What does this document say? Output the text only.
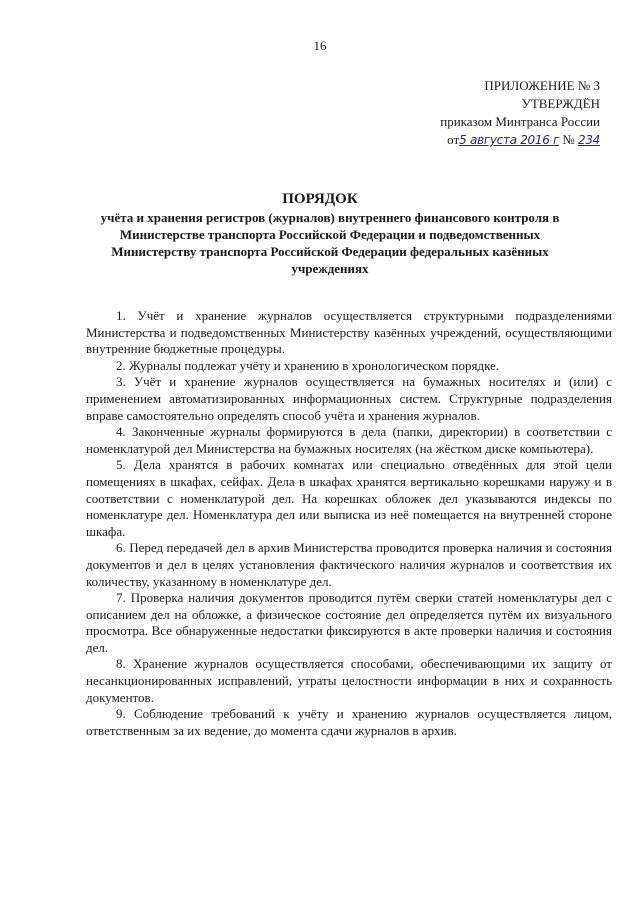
16
ПРИЛОЖЕНИЕ № 3
УТВЕРЖДЁН
приказом Минтранса России
от5 августа 2016 г № 234
ПОРЯДОК
учёта и хранения регистров (журналов) внутреннего финансового контроля в Министерстве транспорта Российской Федерации и подведомственных Министерству транспорта Российской Федерации федеральных казённых учреждениях

1. Учёт и хранение журналов осуществляется структурными подразделениями Министерства и подведомственных Министерству казённых учреждений, осуществляющими внутренние бюджетные процедуры.

2. Журналы подлежат учёту и хранению в хронологическом порядке.

3. Учёт и хранение журналов осуществляется на бумажных носителях и (или) с применением автоматизированных информационных систем. Структурные подразделения вправе самостоятельно определять способ учёта и хранения журналов.

4. Законченные журналы формируются в дела (папки, директории) в соответствии с номенклатурой дел Министерства на бумажных носителях (на жёстком диске компьютера).

5. Дела хранятся в рабочих комнатах или специально отведённых для этой цели помещениях в шкафах, сейфах. Дела в шкафах хранятся вертикально корешками наружу и в соответствии с номенклатурой дел. На корешках обложек дел указываются индексы по номенклатуре дел. Номенклатура дел или выписка из неё помещается на внутренней стороне шкафа.

6. Перед передачей дел в архив Министерства проводится проверка наличия и состояния документов и дел в целях установления фактического наличия журналов и соответствия их количеству, указанному в номенклатуре дел.

7. Проверка наличия документов проводится путём сверки статей номенклатуры дел с описанием дел на обложке, а физическое состояние дел определяется путём их визуального просмотра. Все обнаруженные недостатки фиксируются в акте проверки наличия и состояния дел.

8. Хранение журналов осуществляется способами, обеспечивающими их защиту от несанкционированных исправлений, утраты целостности информации в них и сохранность документов.

9. Соблюдение требований к учёту и хранению журналов осуществляется лицом, ответственным за их ведение, до момента сдачи журналов в архив.
